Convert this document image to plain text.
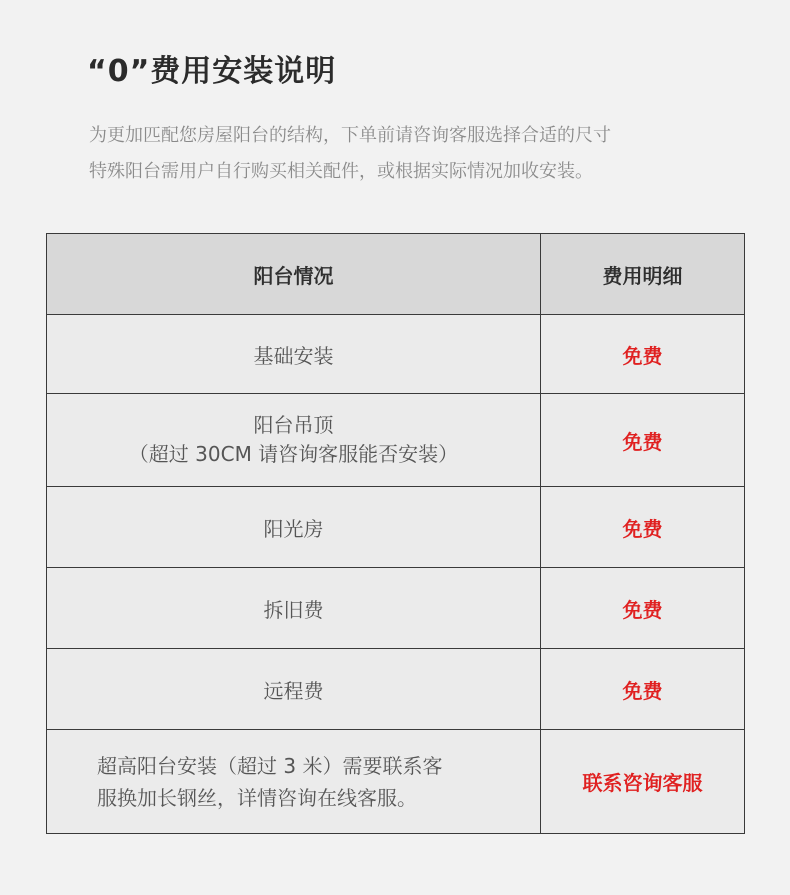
“0”费用安装说明
为更加匹配您房屋阳台的结构，下单前请咨询客服选择合适的尺寸
特殊阳台需用户自行购买相关配件，或根据实际情况加收安装。
阳台情况	费用明细
基础安装	免费

阳台吊顶
（超过 30CM 请咨询客服能否安装）	免费
阳光房	免费
拆旧费	免费
远程费	免费

超高阳台安装（超过 3 米）需要联系客
服换加长钢丝，详情咨询在线客服。	联系咨询客服
